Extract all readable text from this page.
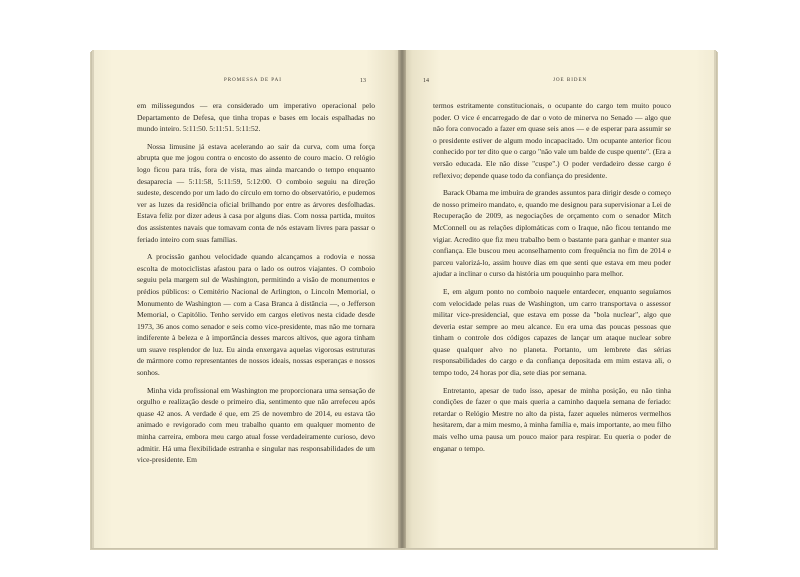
PROMESSA DE PAI	13

em milissegundos — era considerado um imperativo operacional pelo Departamento de Defesa, que tinha tropas e bases em locais espalhadas no mundo inteiro. 5:11:50. 5:11:51. 5:11:52.

Nossa limusine já estava acelerando ao sair da curva, com uma força abrupta que me jogou contra o encosto do assento de couro macio. O relógio logo ficou para trás, fora de vista, mas ainda marcando o tempo enquanto desaparecia — 5:11:58, 5:11:59, 5:12:00. O comboio seguiu na direção sudeste, descendo por um lado do círculo em torno do observatório, e pudemos ver as luzes da residência oficial brilhando por entre as árvores desfolhadas. Estava feliz por dizer adeus à casa por alguns dias. Com nossa partida, muitos dos assistentes navais que tomavam conta de nós estavam livres para passar o feriado inteiro com suas famílias.

A procissão ganhou velocidade quando alcançamos a rodovia e nossa escolta de motociclistas afastou para o lado os outros viajantes. O comboio seguiu pela margem sul de Washington, permitindo a visão de monumentos e prédios públicos: o Cemitério Nacional de Arlington, o Lincoln Memorial, o Monumento de Washington — com a Casa Branca à distância —, o Jefferson Memorial, o Capitólio. Tenho servido em cargos eletivos nesta cidade desde 1973, 36 anos como senador e seis como vice-presidente, mas não me tornara indiferente à beleza e à importância desses marcos altivos, que agora tinham um suave resplendor de luz. Eu ainda enxergava aquelas vigorosas estruturas de mármore como representantes de nossos ideais, nossas esperanças e nossos sonhos.

Minha vida profissional em Washington me proporcionara uma sensação de orgulho e realização desde o primeiro dia, sentimento que não arrefeceu após quase 42 anos. A verdade é que, em 25 de novembro de 2014, eu estava tão animado e revigorado com meu trabalho quanto em qualquer momento de minha carreira, embora meu cargo atual fosse verdadeiramente curioso, devo admitir. Há uma flexibilidade estranha e singular nas responsabilidades de um vice-presidente. Em

14	JOE BIDEN

termos estritamente constitucionais, o ocupante do cargo tem muito pouco poder. O vice é encarregado de dar o voto de minerva no Senado — algo que não fora convocado a fazer em quase seis anos — e de esperar para assumir se o presidente estiver de algum modo incapacitado. Um ocupante anterior ficou conhecido por ter dito que o cargo "não vale um balde de cuspe quente". (Era a versão educada. Ele não disse "cuspe".) O poder verdadeiro desse cargo é reflexivo; depende quase todo da confiança do presidente.

Barack Obama me imbuíra de grandes assuntos para dirigir desde o começo de nosso primeiro mandato, e, quando me designou para supervisionar a Lei de Recuperação de 2009, as negociações de orçamento com o senador Mitch McConnell ou as relações diplomáticas com o Iraque, não ficou tentando me vigiar. Acredito que fiz meu trabalho bem o bastante para ganhar e manter sua confiança. Ele buscou meu aconselhamento com frequência no fim de 2014 e parceu valorizá-lo, assim houve dias em que senti que estava em meu poder ajudar a inclinar o curso da história um pouquinho para melhor.

E, em algum ponto no comboio naquele entardecer, enquanto seguíamos com velocidade pelas ruas de Washington, um carro transportava o assessor militar vice-presidencial, que estava em posse da "bola nuclear", algo que deveria estar sempre ao meu alcance. Eu era uma das poucas pessoas que tinham o controle dos códigos capazes de lançar um ataque nuclear sobre quase qualquer alvo no planeta. Portanto, um lembrete das sérias responsabilidades do cargo e da confiança depositada em mim estava ali, o tempo todo, 24 horas por dia, sete dias por semana.

Entretanto, apesar de tudo isso, apesar de minha posição, eu não tinha condições de fazer o que mais queria a caminho daquela semana de feriado: retardar o Relógio Mestre no alto da pista, fazer aqueles números vermelhos hesitarem, dar a mim mesmo, à minha família e, mais importante, ao meu filho mais velho uma pausa um pouco maior para respirar. Eu queria o poder de enganar o tempo.
